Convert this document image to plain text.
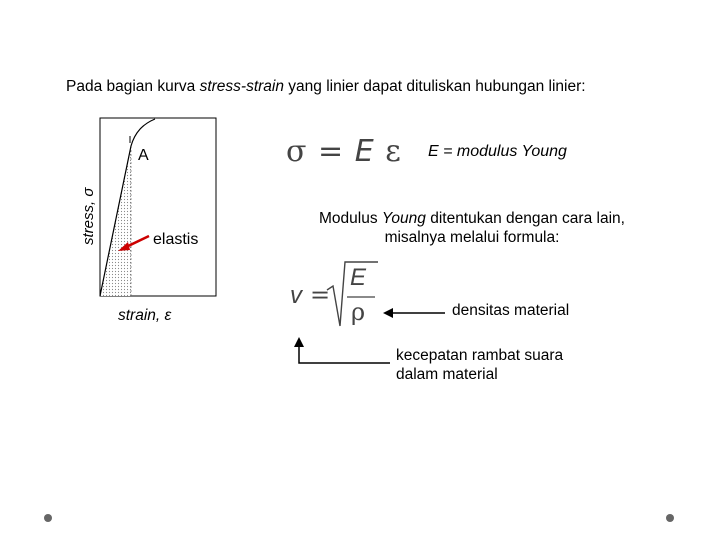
Pada bagian kurva stress-strain yang linier dapat dituliskan hubungan linier:
stress, σ
strain, ε
A
elastis
σ = E ε E = modulus Young
Modulus Young ditentukan dengan cara lain,
misalnya melalui formula:
v =
E
ρ	densitas material
kecepatan rambat suara
dalam material
